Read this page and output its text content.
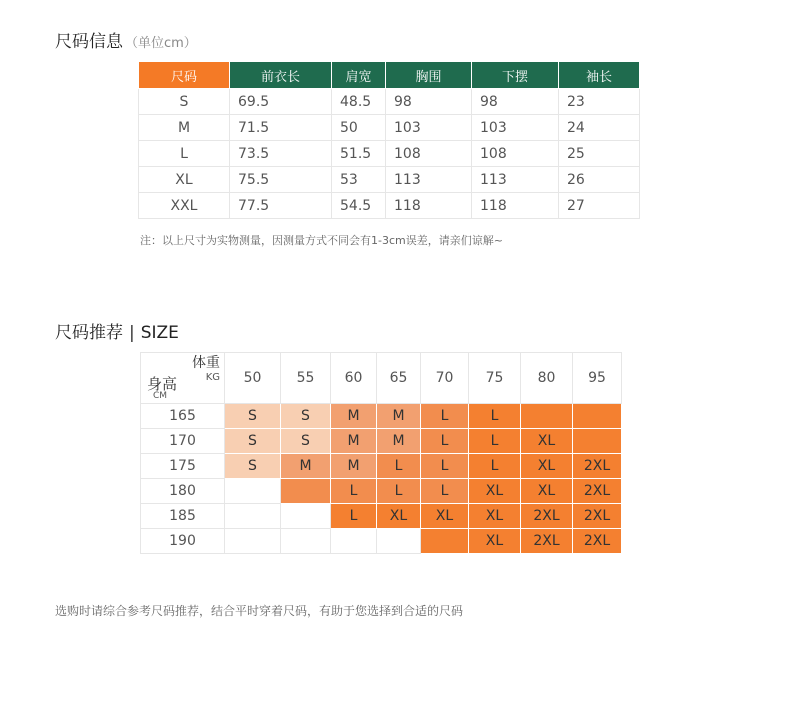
尺码信息 （单位cm）
尺码	前衣长	肩宽	胸围	下摆	袖长
S	69.5	48.5	98	98	23
M	71.5	50	103	103	24
L	73.5	51.5	108	108	25
XL	75.5	53	113	113	26
XXL	77.5	54.5	118	118	27
注：以上尺寸为实物测量，因测量方式不同会有1-3cm误差，请亲们谅解~
尺码推荐 | SIZE
体重
KG
身高
CM	50	55	60	65	70	75	80	95
165	S	S	M	M	L	L		
170	S	S	M	M	L	L	XL	
175	S	M	M	L	L	L	XL	2XL
180			L	L	L	XL	XL	2XL
185			L	XL	XL	XL	2XL	2XL
190						XL	2XL	2XL
选购时请综合参考尺码推荐，结合平时穿着尺码，有助于您选择到合适的尺码
